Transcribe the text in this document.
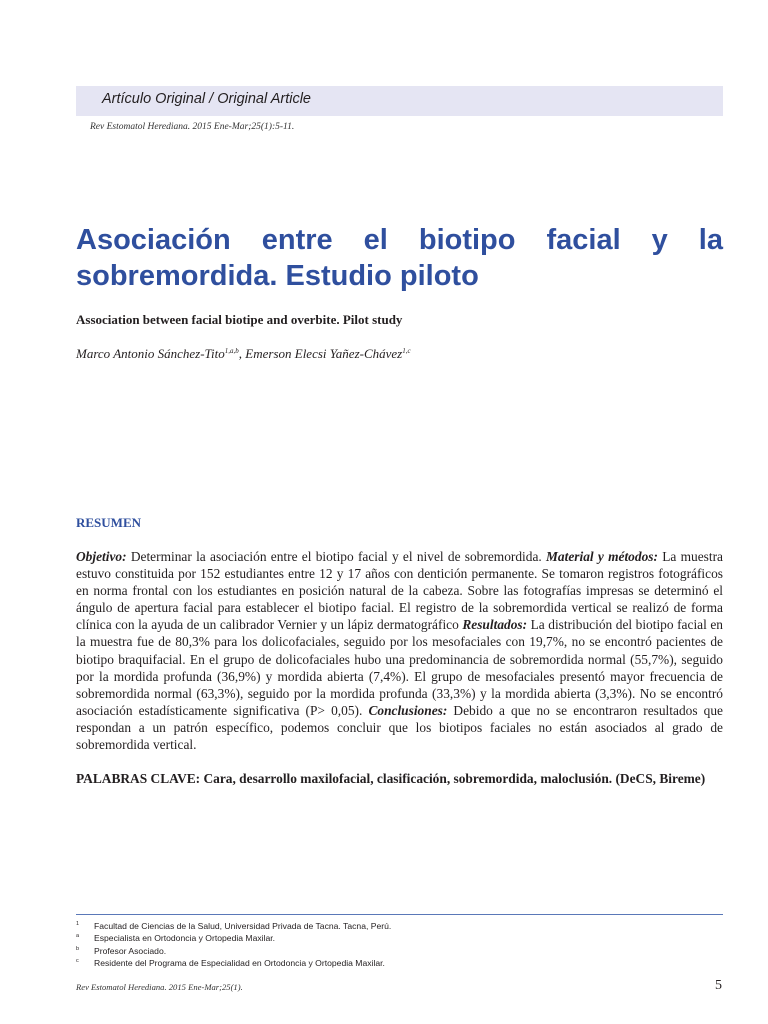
Artículo Original / Original Article

Rev Estomatol Herediana. 2015 Ene-Mar;25(1):5-11.

Asociación entre el biotipo facial y la sobremordida. Estudio piloto

Association between facial biotipe and overbite. Pilot study

Marco Antonio Sánchez-Tito$^{1,a,b}$, Emerson Elecsi Yañez-Chávez$^{1,c}$

RESUMEN

Objetivo: Determinar la asociación entre el biotipo facial y el nivel de sobremordida. Material y métodos: La muestra estuvo constituida por 152 estudiantes entre 12 y 17 años con dentición permanente. Se tomaron registros fotográficos en norma frontal con los estudiantes en posición natural de la cabeza. Sobre las fotografías impresas se determinó el ángulo de apertura facial para establecer el biotipo facial. El registro de la sobremordida vertical se realizó de forma clínica con la ayuda de un calibrador Vernier y un lápiz dermatográfico Resultados: La distribución del biotipo facial en la muestra fue de 80,3% para los dolicofaciales, seguido por los mesofaciales con 19,7%, no se encontró pacientes de biotipo braquifacial. En el grupo de dolicofaciales hubo una predominancia de sobremordida normal (55,7%), seguido por la mordida profunda (36,9%) y mordida abierta (7,4%). El grupo de mesofaciales presentó mayor frecuencia de sobremordida normal (63,3%), seguido por la mordida profunda (33,3%) y la mordida abierta (3,3%). No se encontró asociación estadísticamente significativa (P> 0,05). Conclusiones: Debido a que no se encontraron resultados que respondan a un patrón específico, podemos concluir que los biotipos faciales no están asociados al grado de sobremordida vertical.

PALABRAS CLAVE: Cara, desarrollo maxilofacial, clasificación, sobremordida, maloclusión. (DeCS, Bireme)

1 Facultad de Ciencias de la Salud, Universidad Privada de Tacna. Tacna, Perú.
a Especialista en Ortodoncia y Ortopedia Maxilar.
b Profesor Asociado.
c Residente del Programa de Especialidad en Ortodoncia y Ortopedia Maxilar.

Rev Estomatol Herediana. 2015 Ene-Mar;25(1).	5
